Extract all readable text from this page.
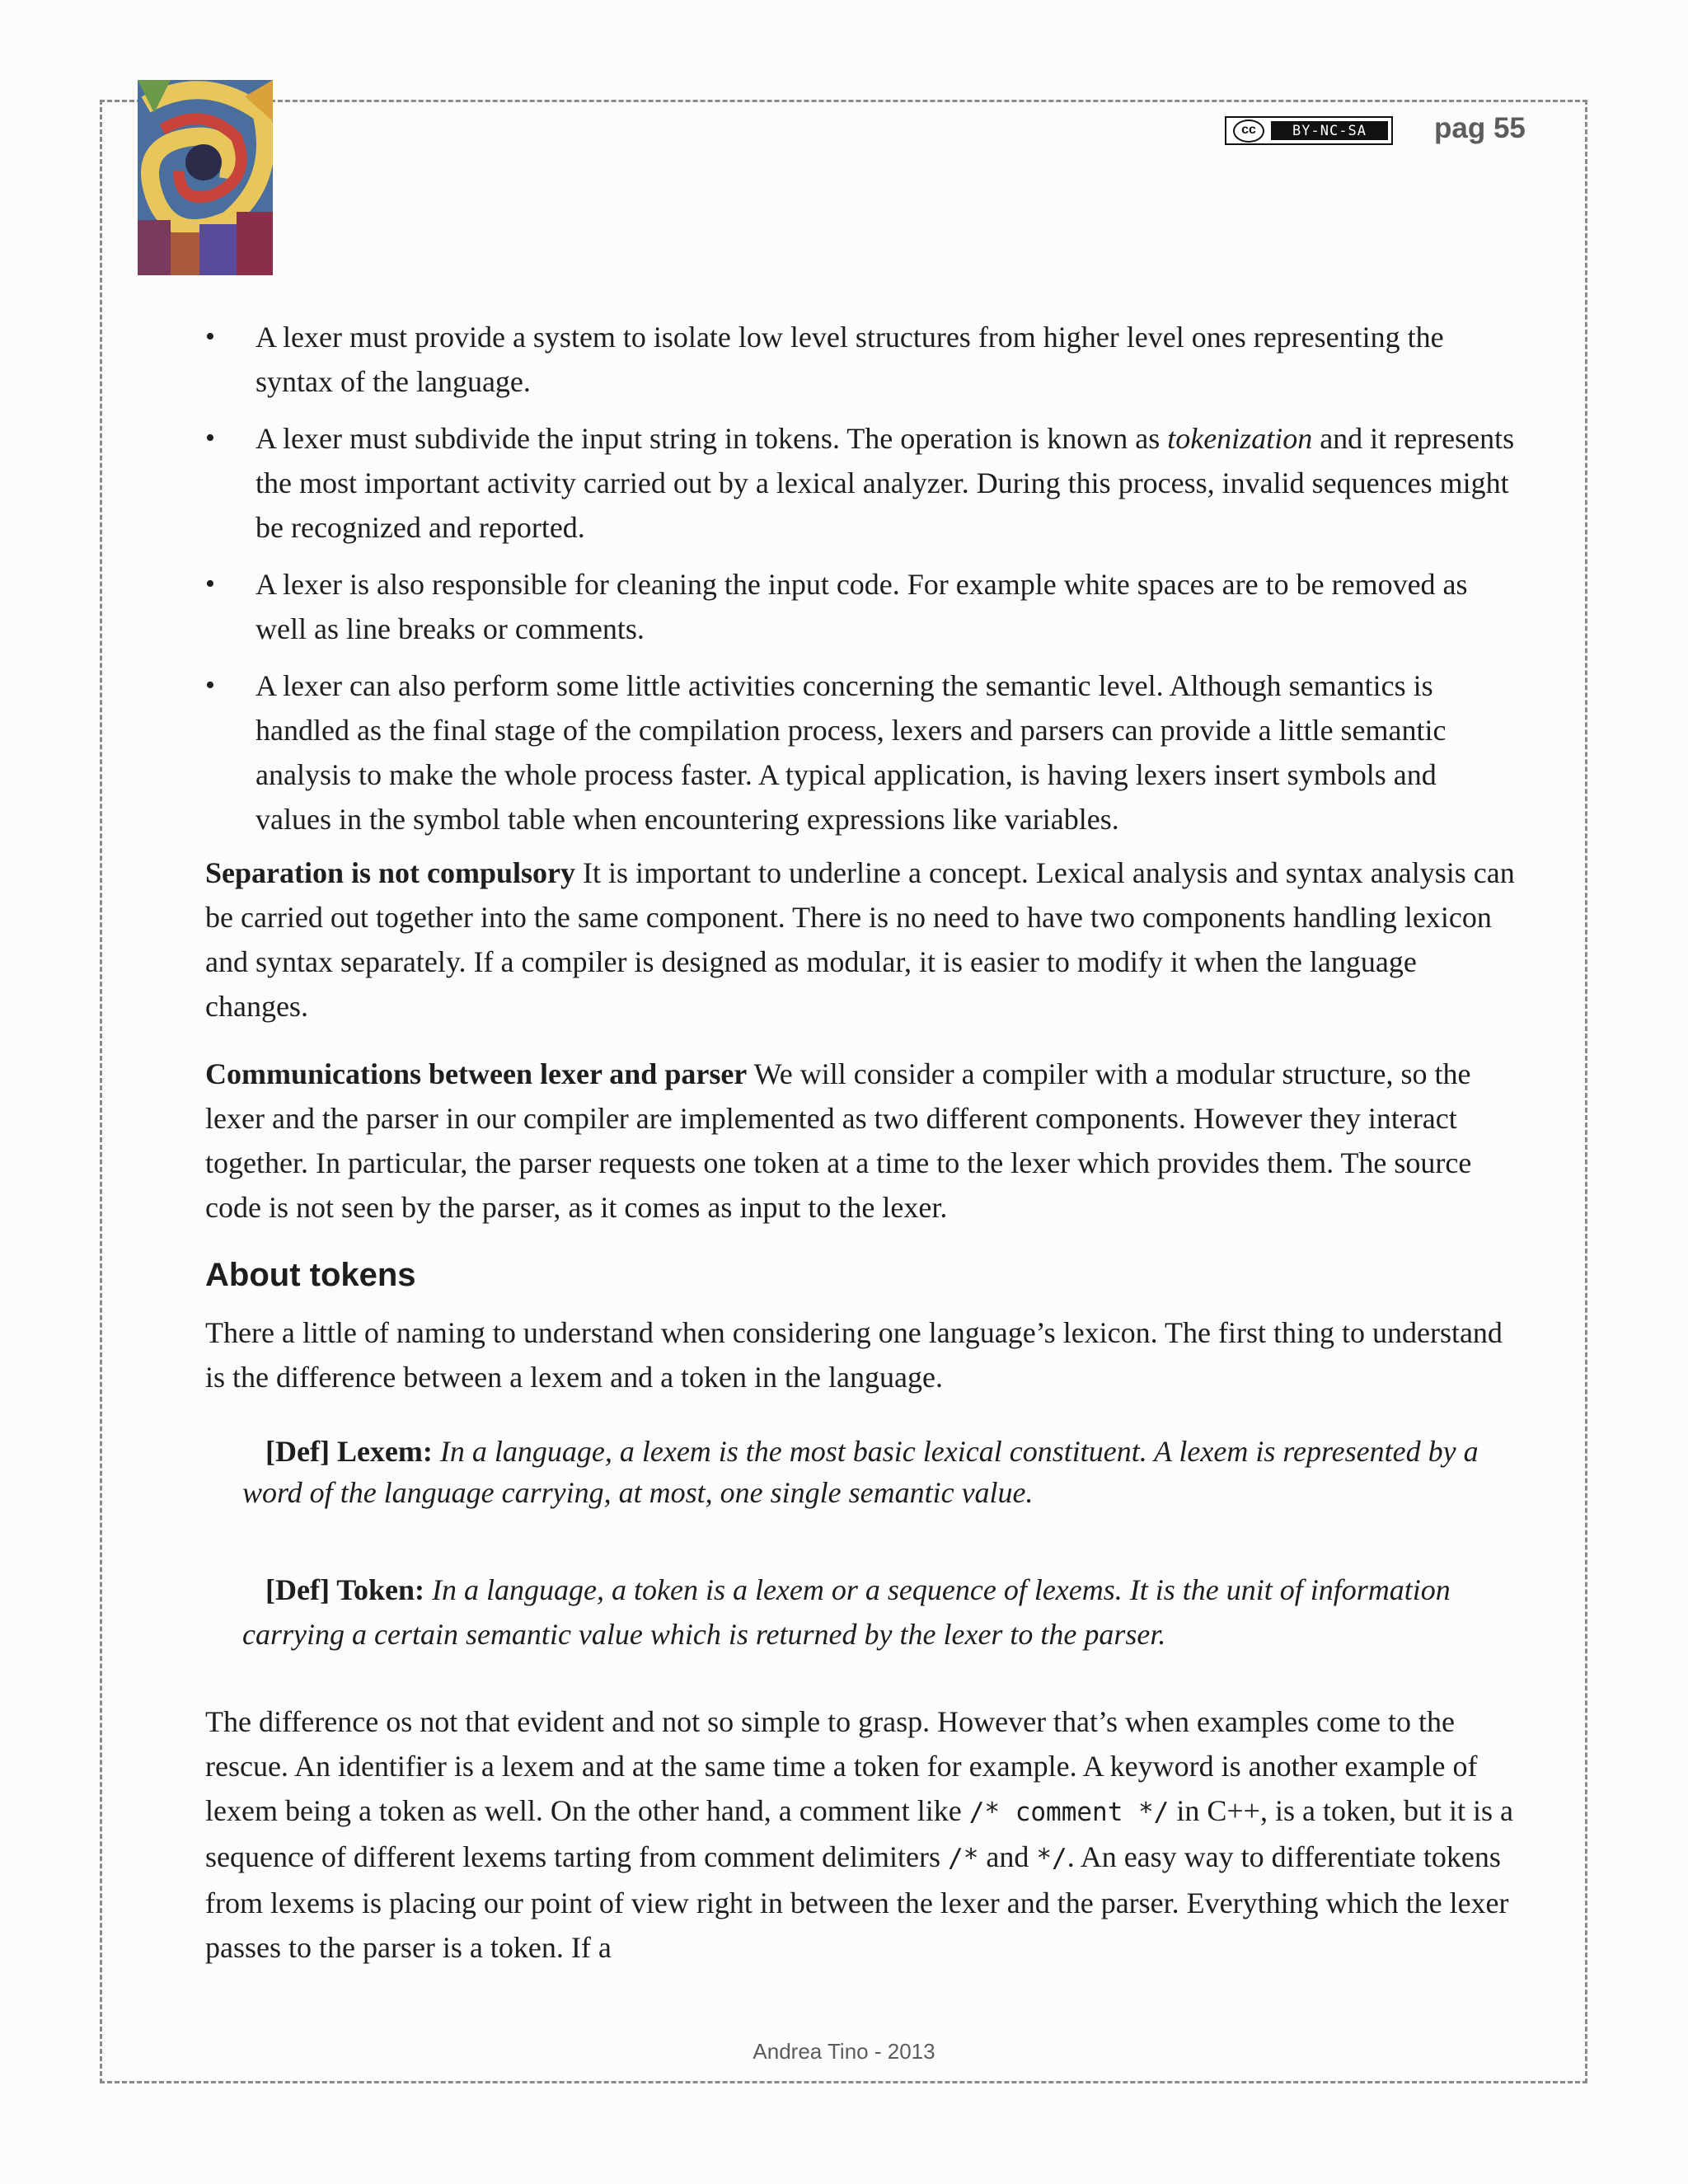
cc	BY-NC-SA	pag 55
• A lexer must provide a system to isolate low level structures from higher level ones representing the syntax of the language.
• A lexer must subdivide the input string in tokens. The operation is known as tokenization and it represents the most important activity carried out by a lexical analyzer. During this process, invalid sequences might be recognized and reported.
• A lexer is also responsible for cleaning the input code. For example white spaces are to be removed as well as line breaks or comments.
• A lexer can also perform some little activities concerning the semantic level. Although semantics is handled as the final stage of the compilation process, lexers and parsers can provide a little semantic analysis to make the whole process faster. A typical application, is having lexers insert symbols and values in the symbol table when encountering expressions like variables.

Separation is not compulsory It is important to underline a concept. Lexical analysis and syntax analysis can be carried out together into the same component. There is no need to have two components handling lexicon and syntax separately. If a compiler is designed as modular, it is easier to modify it when the language changes.

Communications between lexer and parser We will consider a compiler with a modular structure, so the lexer and the parser in our compiler are implemented as two different components. However they interact together. In particular, the parser requests one token at a time to the lexer which provides them. The source code is not seen by the parser, as it comes as input to the lexer.

About tokens

There a little of naming to understand when considering one language’s lexicon. The first thing to understand is the difference between a lexem and a token in the language.

[Def] Lexem: In a language, a lexem is the most basic lexical constituent. A lexem is represented by a word of the language carrying, at most, one single semantic value.

[Def] Token: In a language, a token is a lexem or a sequence of lexems. It is the unit of information carrying a certain semantic value which is returned by the lexer to the parser.

The difference os not that evident and not so simple to grasp. However that’s when examples come to the rescue. An identifier is a lexem and at the same time a token for example. A keyword is another example of lexem being a token as well. On the other hand, a comment like /* comment */ in C++, is a token, but it is a sequence of different lexems tarting from comment delimiters /* and */. An easy way to differentiate tokens from lexems is placing our point of view right in between the lexer and the parser. Everything which the lexer passes to the parser is a token. If a

Andrea Tino - 2013
